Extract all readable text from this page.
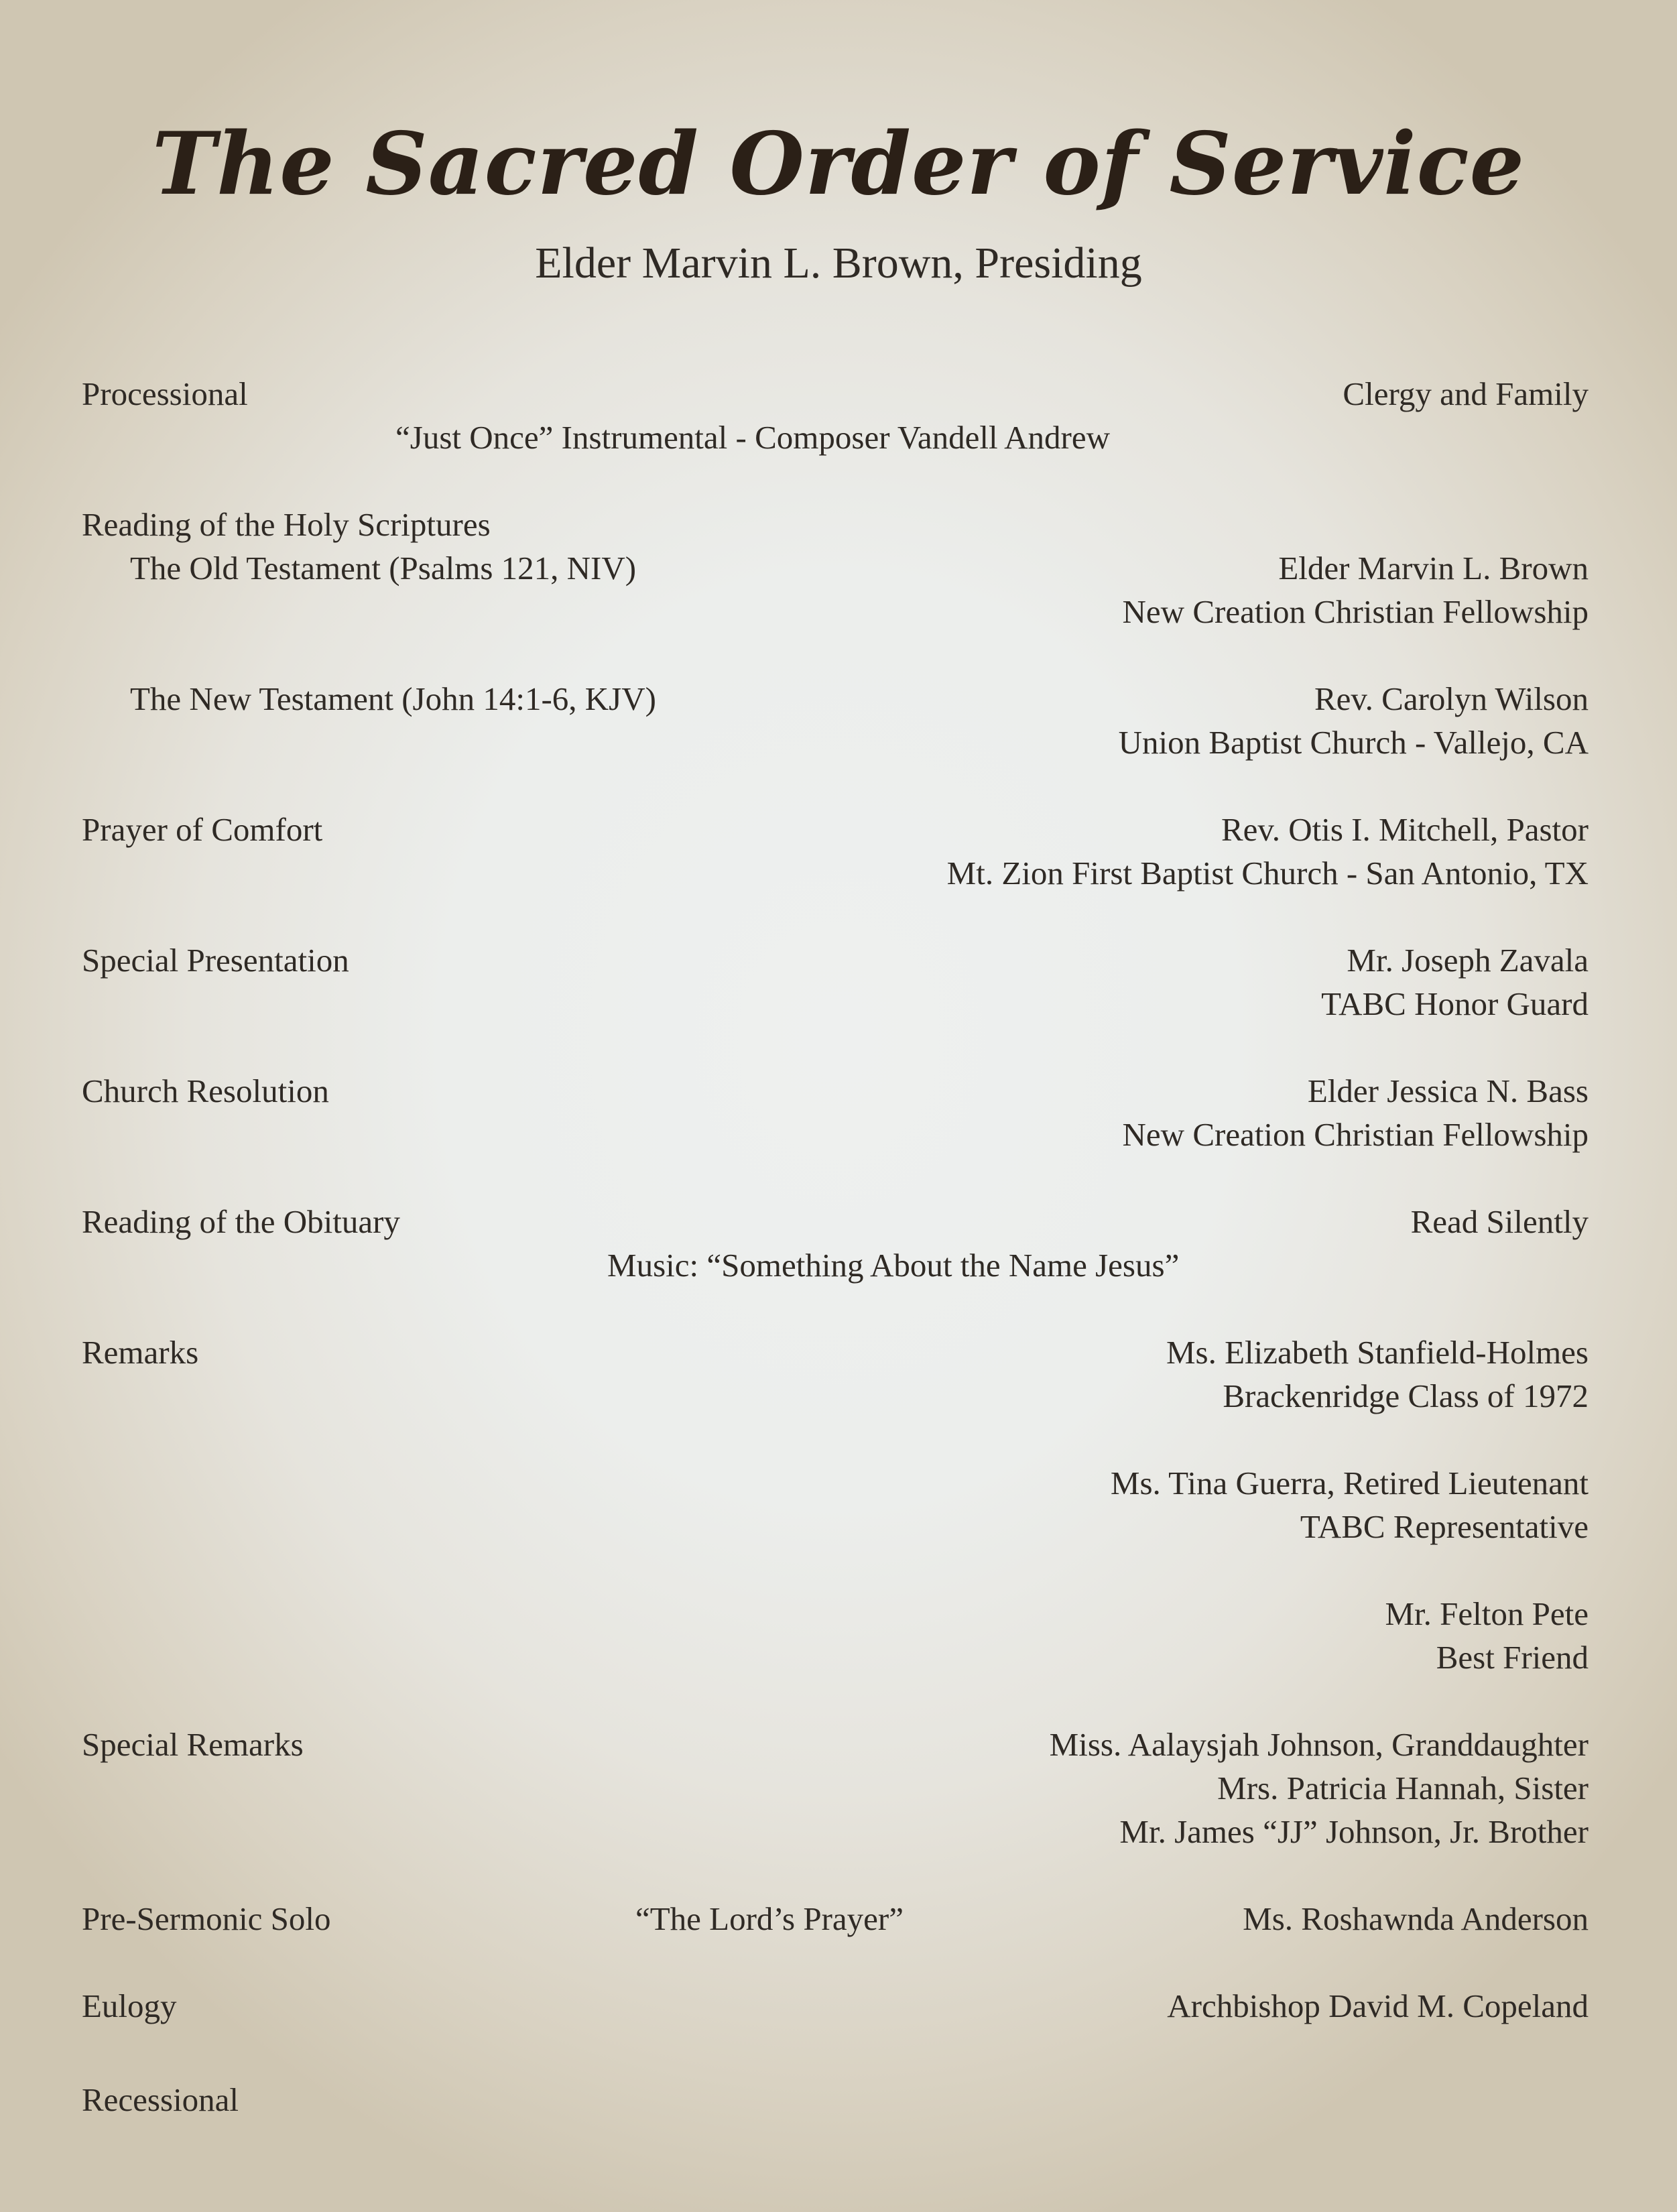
The Sacred Order of Service
Elder Marvin L. Brown, Presiding
Processional	Clergy and Family
“Just Once” Instrumental - Composer Vandell Andrew
Reading of the Holy Scriptures
The Old Testament (Psalms 121, NIV)	Elder Marvin L. Brown
New Creation Christian Fellowship
The New Testament (John 14:1-6, KJV)	Rev. Carolyn Wilson
Union Baptist Church - Vallejo, CA
Prayer of Comfort	Rev. Otis I. Mitchell, Pastor
Mt. Zion First Baptist Church - San Antonio, TX
Special Presentation	Mr. Joseph Zavala
TABC Honor Guard
Church Resolution	Elder Jessica N. Bass
New Creation Christian Fellowship
Reading of the Obituary	Read Silently
Music: “Something About the Name Jesus”
Remarks	Ms. Elizabeth Stanfield-Holmes
Brackenridge Class of 1972
Ms. Tina Guerra, Retired Lieutenant
TABC Representative
Mr. Felton Pete
Best Friend
Special Remarks	Miss. Aalaysjah Johnson, Granddaughter
Mrs. Patricia Hannah, Sister
Mr. James “JJ” Johnson, Jr. Brother
Pre-Sermonic Solo	“The Lord’s Prayer”	Ms. Roshawnda Anderson
Eulogy	Archbishop David M. Copeland
Recessional
